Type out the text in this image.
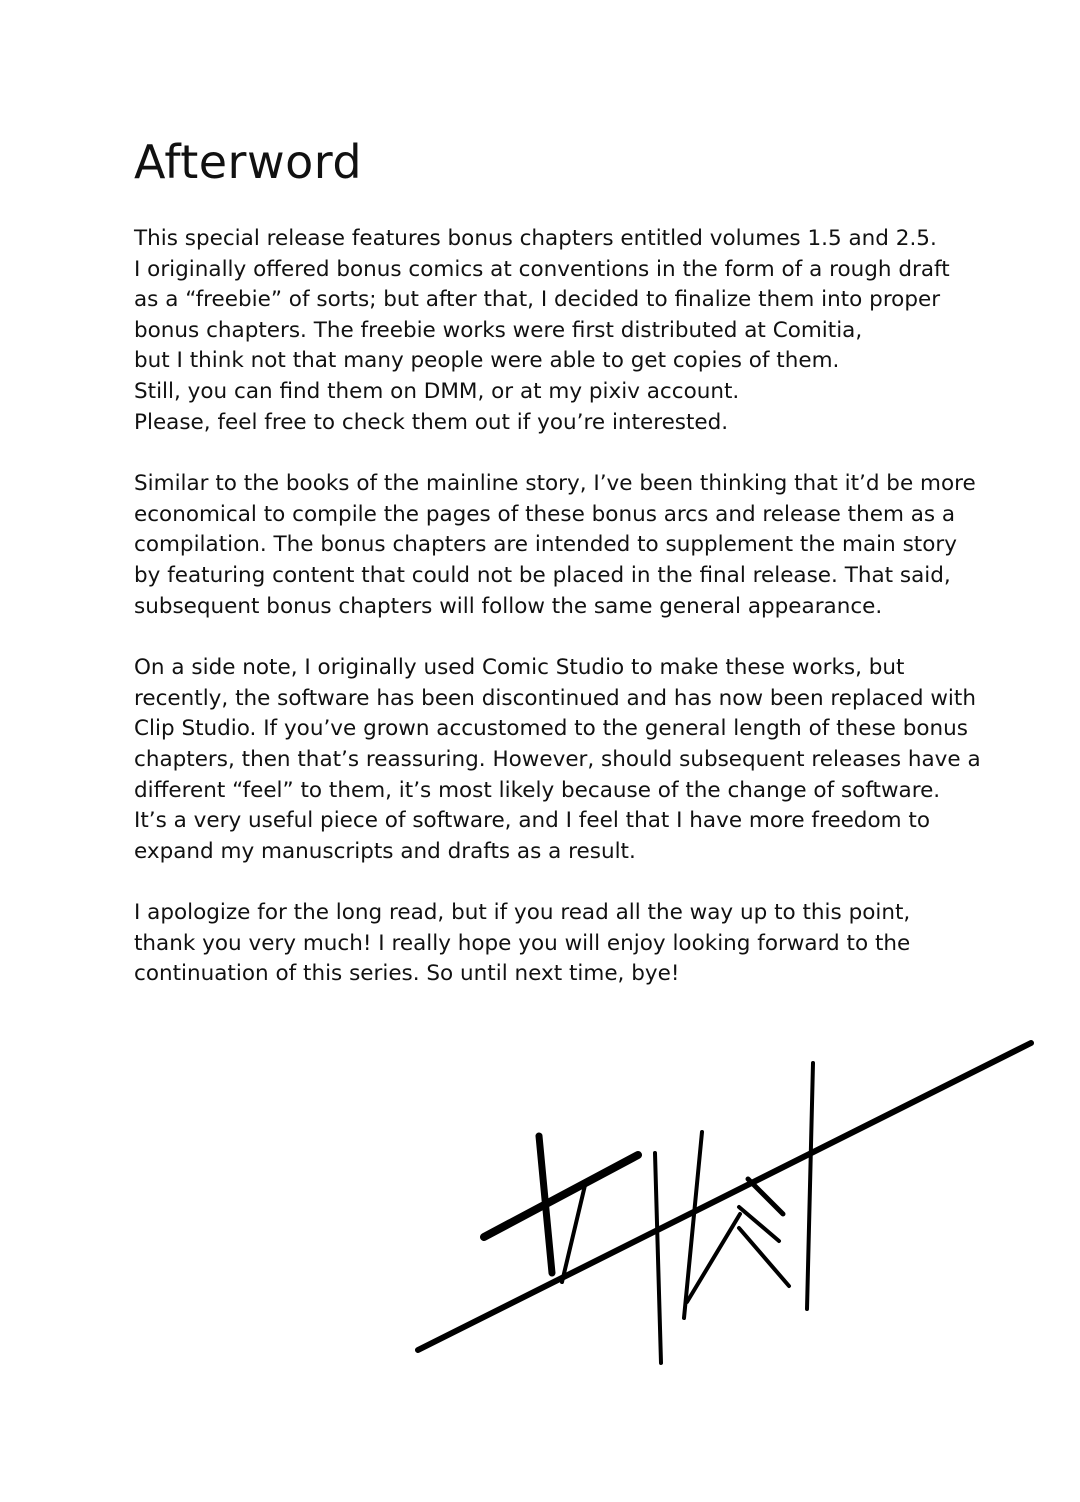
Afterword
This special release features bonus chapters entitled volumes 1.5 and 2.5.
I originally offered bonus comics at conventions in the form of a rough draft
as a “freebie” of sorts; but after that, I decided to finalize them into proper
bonus chapters. The freebie works were first distributed at Comitia,
but I think not that many people were able to get copies of them.
Still, you can find them on DMM, or at my pixiv account.
Please, feel free to check them out if you’re interested.
Similar to the books of the mainline story, I’ve been thinking that it’d be more
economical to compile the pages of these bonus arcs and release them as a
compilation. The bonus chapters are intended to supplement the main story
by featuring content that could not be placed in the final release. That said,
subsequent bonus chapters will follow the same general appearance.
On a side note, I originally used Comic Studio to make these works, but
recently, the software has been discontinued and has now been replaced with
Clip Studio. If you’ve grown accustomed to the general length of these bonus
chapters, then that’s reassuring. However, should subsequent releases have a
different “feel” to them, it’s most likely because of the change of software.
It’s a very useful piece of software, and I feel that I have more freedom to
expand my manuscripts and drafts as a result.
I apologize for the long read, but if you read all the way up to this point,
thank you very much! I really hope you will enjoy looking forward to the
continuation of this series. So until next time, bye!
